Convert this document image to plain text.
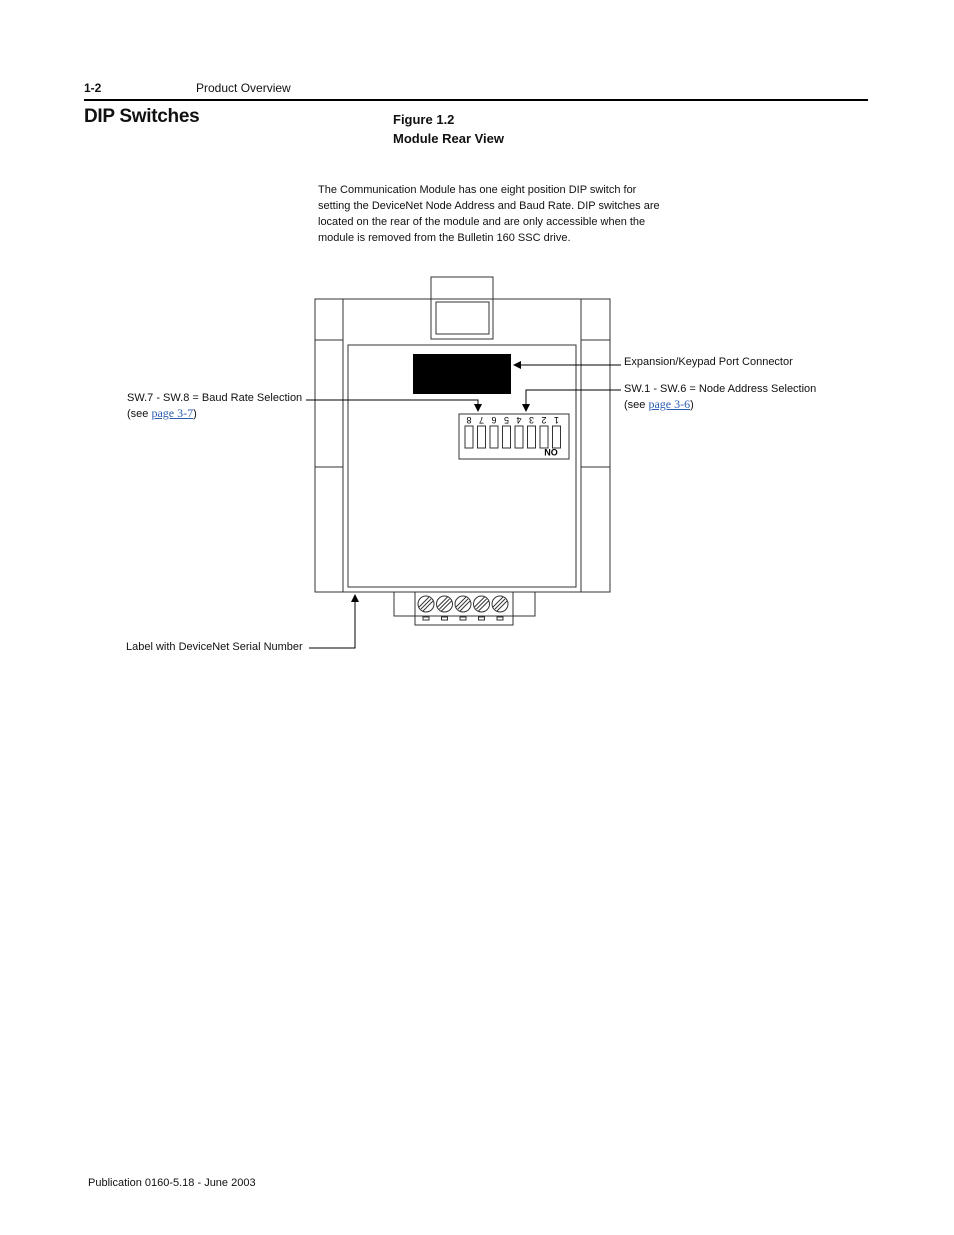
1-2	Product Overview
DIP Switches	Figure 1.2
Module Rear View
The Communication Module has one eight position DIP switch for setting the DeviceNet Node Address and Baud Rate. DIP switches are located on the rear of the module and are only accessible when the module is removed from the Bulletin 160 SSC drive.
8 7 6 5 4 3 2 1
ON
Expansion/Keypad Port Connector
SW.1 - SW.6 = Node Address Selection
(see page 3-6)
SW.7 - SW.8 = Baud Rate Selection
(see page 3-7)
Label with DeviceNet Serial Number
Publication 0160-5.18 - June 2003
